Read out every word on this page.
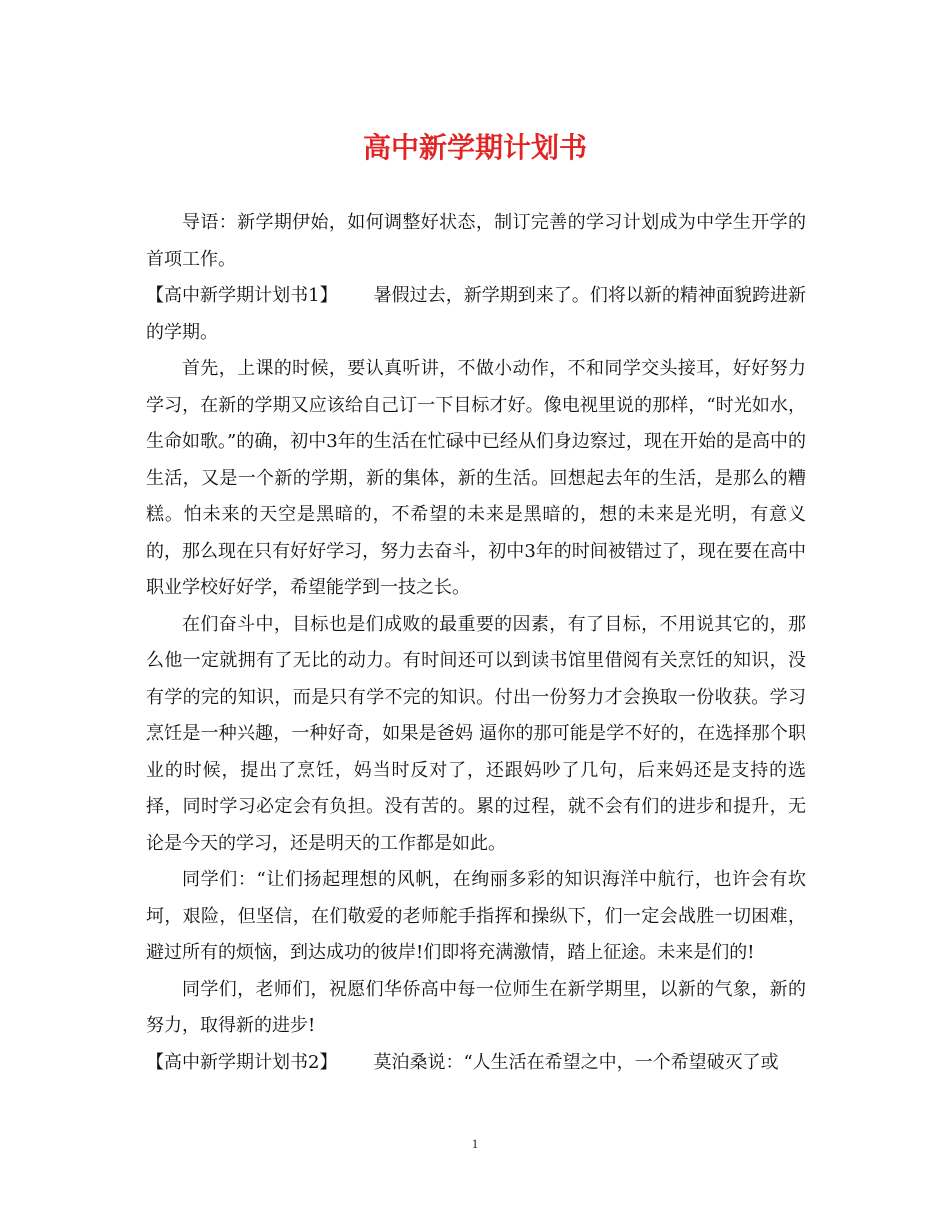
高中新学期计划书

导语：新学期伊始，如何调整好状态，制订完善的学习计划成为中学生开学的首项工作。

【高中新学期计划书1】   暑假过去，新学期到来了。们将以新的精神面貌跨进新的学期。

首先，上课的时候，要认真听讲，不做小动作，不和同学交头接耳，好好努力学习，在新的学期又应该给自己订一下目标才好。像电视里说的那样，“时光如水，生命如歌。”的确，初中3年的生活在忙碌中已经从们身边察过，现在开始的是高中的生活，又是一个新的学期，新的集体，新的生活。回想起去年的生活，是那么的糟糕。怕未来的天空是黑暗的，不希望的未来是黑暗的，想的未来是光明，有意义的，那么现在只有好好学习，努力去奋斗，初中3年的时间被错过了，现在要在高中职业学校好好学，希望能学到一技之长。

在们奋斗中，目标也是们成败的最重要的因素，有了目标，不用说其它的，那么他一定就拥有了无比的动力。有时间还可以到读书馆里借阅有关烹饪的知识，没有学的完的知识，而是只有学不完的知识。付出一份努力才会换取一份收获。学习烹饪是一种兴趣，一种好奇，如果是爸妈 逼你的那可能是学不好的，在选择那个职业的时候，提出了烹饪，妈当时反对了，还跟妈吵了几句，后来妈还是支持的选择，同时学习必定会有负担。没有苦的。累的过程，就不会有们的进步和提升，无论是今天的学习，还是明天的工作都是如此。

同学们：“让们扬起理想的风帆，在绚丽多彩的知识海洋中航行，也许会有坎坷，艰险，但坚信，在们敬爱的老师舵手指挥和操纵下，们一定会战胜一切困难，避过所有的烦恼，到达成功的彼岸!们即将充满激情，踏上征途。未来是们的!

同学们，老师们，祝愿们华侨高中每一位师生在新学期里，以新的气象，新的努力，取得新的进步!

【高中新学期计划书2】   莫泊桑说：“人生活在希望之中，一个希望破灭了或

1
